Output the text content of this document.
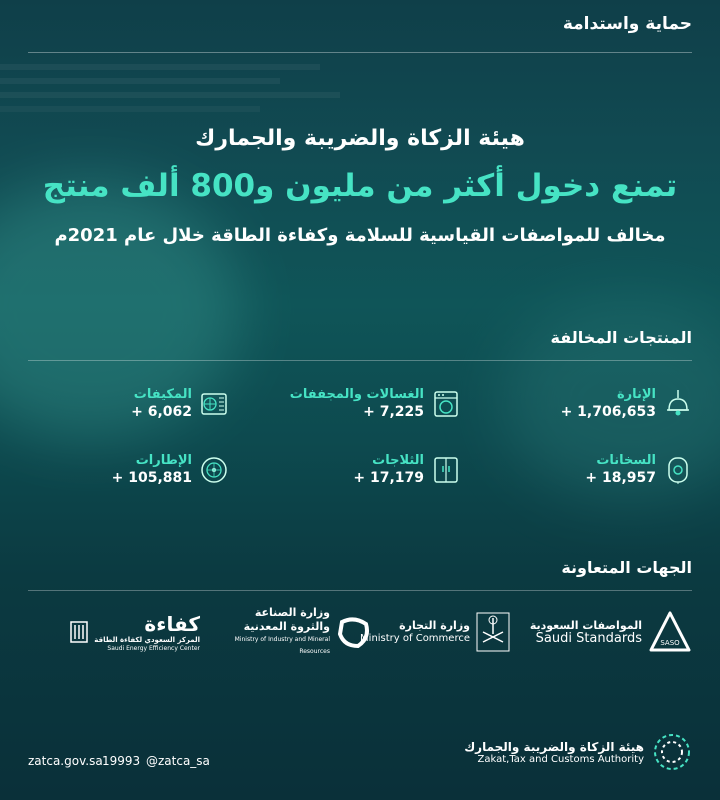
حماية واستدامة
هيئة الزكاة والضريبة والجمارك
تمنع دخول أكثر من مليون و800 ألف منتج
مخالف للمواصفات القياسية للسلامة وكفاءة الطاقة خلال عام 2021م
المنتجات المخالفة
الإنارة
+ 1,706,653
الغسالات والمجففات
+ 7,225
المكيفات
+ 6,062
السخانات
+ 18,957
الثلاجات
+ 17,179
الإطارات
+ 105,881
الجهات المتعاونة
SASO
المواصفات السعودية
Saudi Standards
وزارة التجارة
Ministry of Commerce
وزارة الصناعة والثروة المعدنية
Ministry of Industry and Mineral Resources
كفاءة
المركز السعودي لكفاءة الطاقة
Saudi Energy Efficiency Center
zatca.gov.sa 19993 @zatca_sa
هيئة الزكاة والضريبة والجمارك
Zakat,Tax and Customs Authority
